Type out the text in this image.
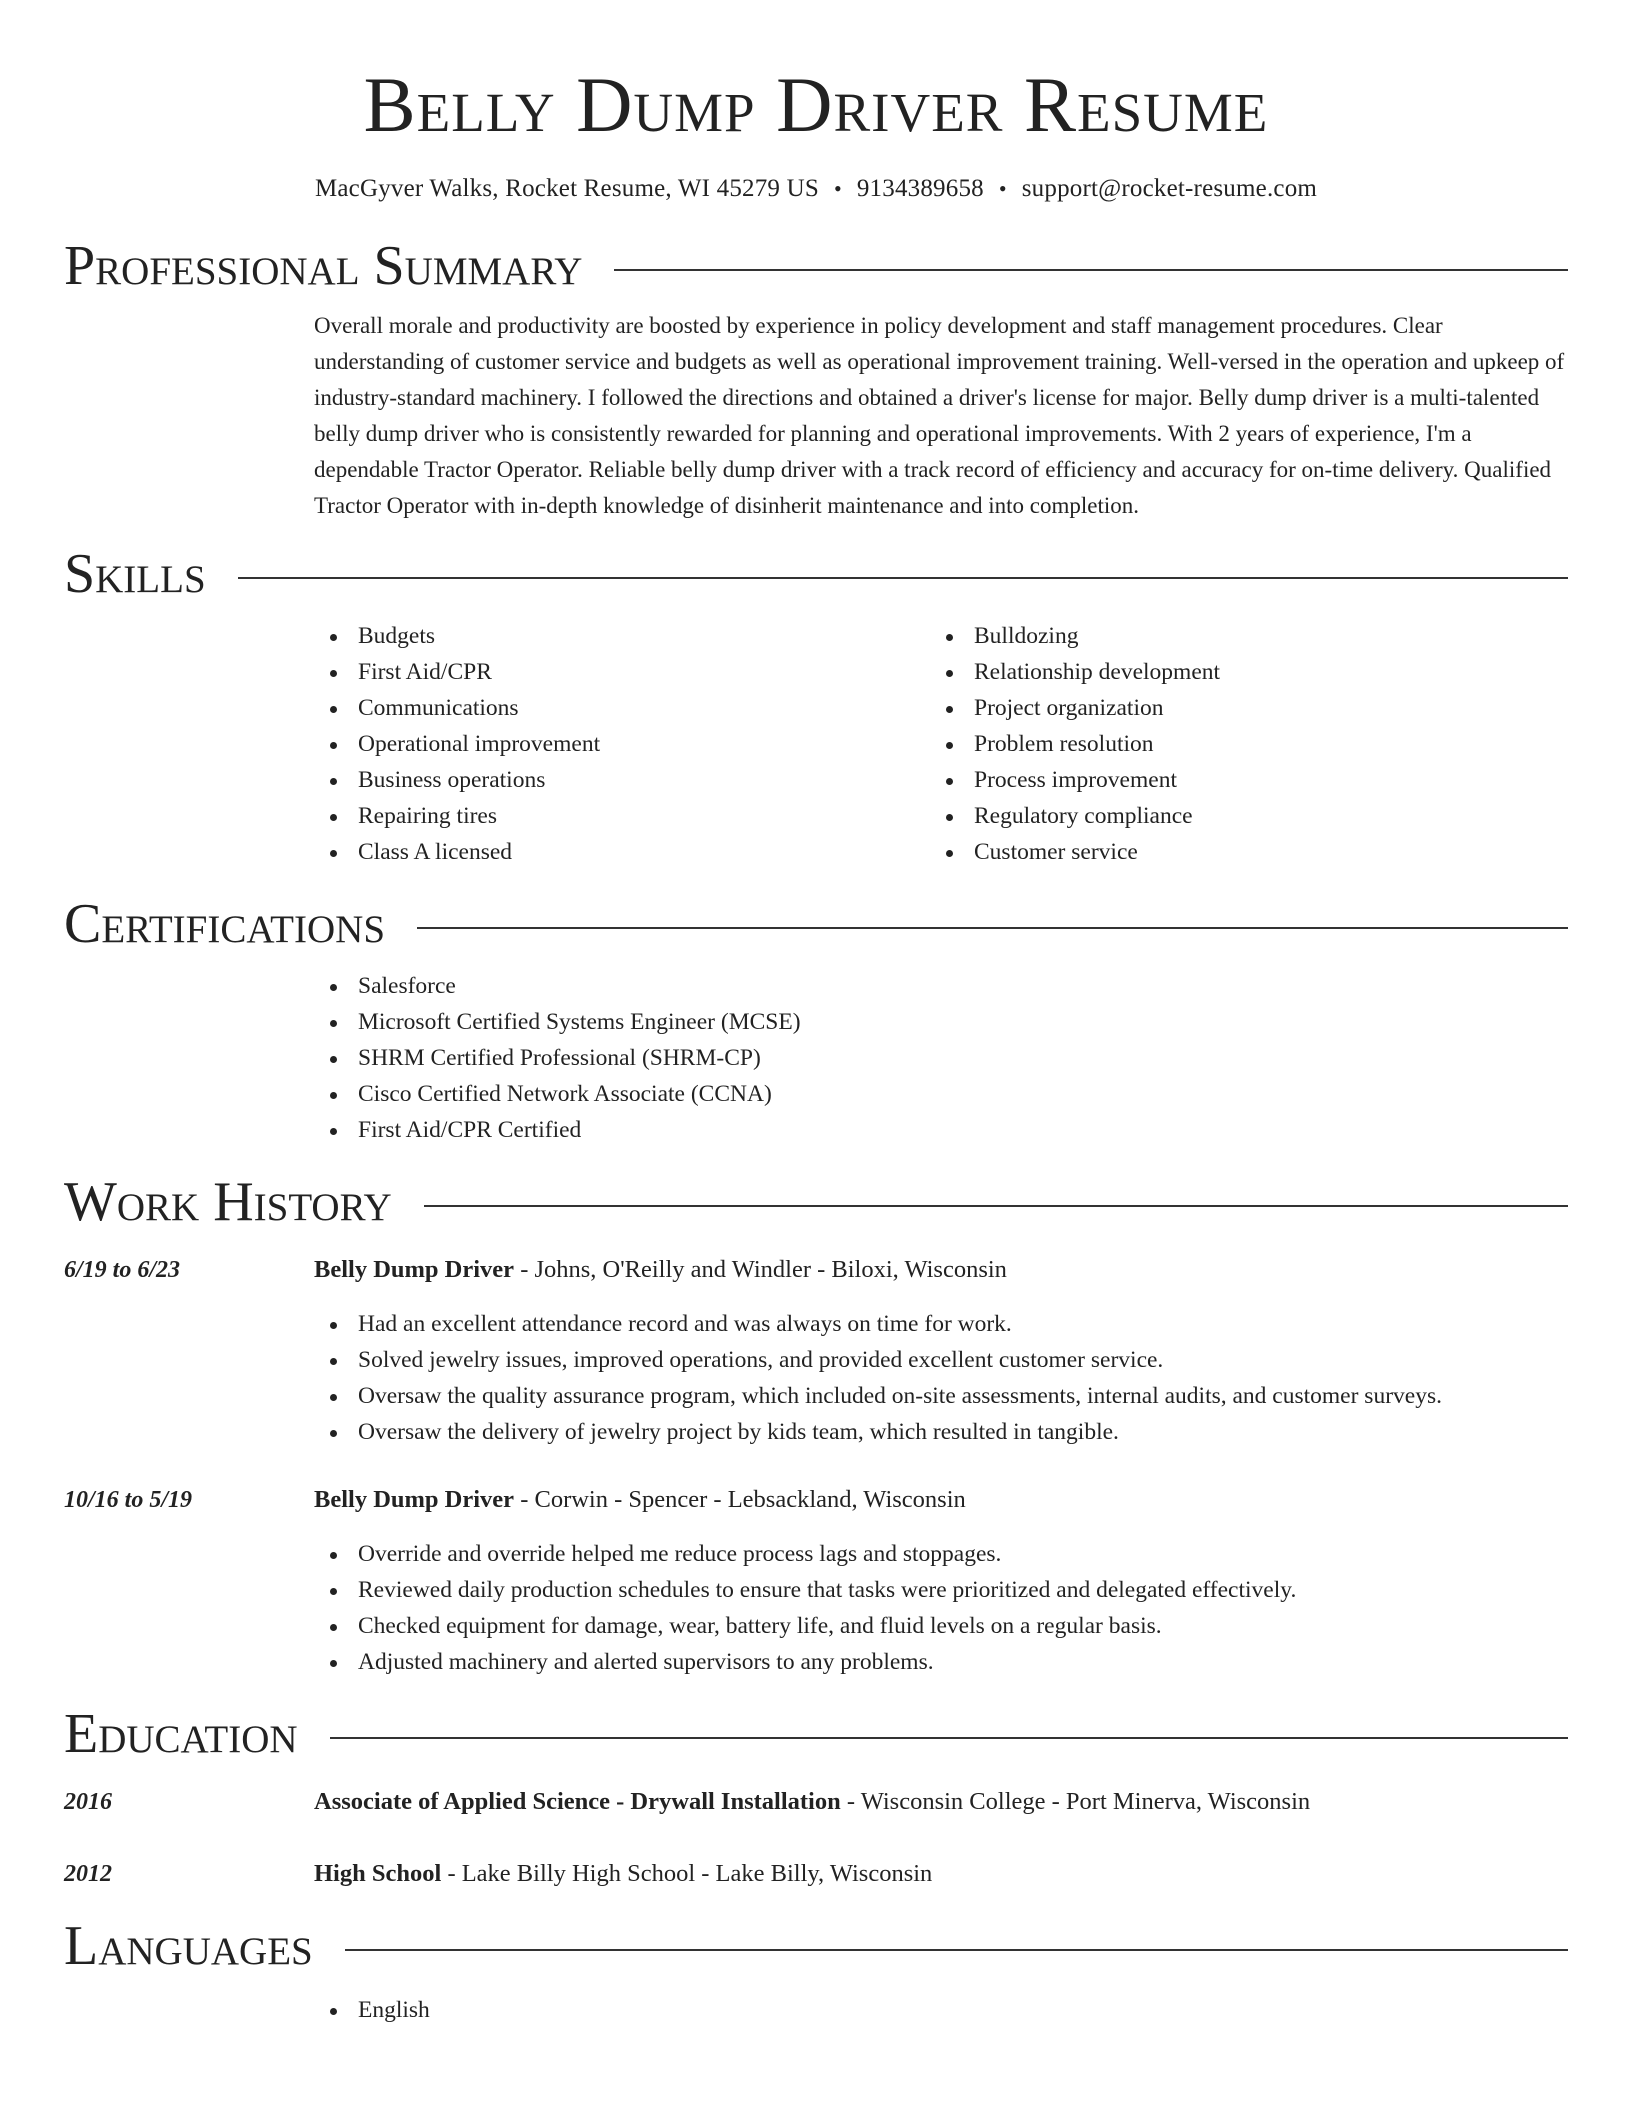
Belly Dump Driver Resume
MacGyver Walks, Rocket Resume, WI 45279 US • 9134389658 • support@rocket-resume.com
Professional Summary

Overall morale and productivity are boosted by experience in policy development and staff management procedures. Clear understanding of customer service and budgets as well as operational improvement training. Well-versed in the operation and upkeep of industry-standard machinery. I followed the directions and obtained a driver's license for major. Belly dump driver is a multi-talented belly dump driver who is consistently rewarded for planning and operational improvements. With 2 years of experience, I'm a dependable Tractor Operator. Reliable belly dump driver with a track record of efficiency and accuracy for on-time delivery. Qualified Tractor Operator with in-depth knowledge of disinherit maintenance and into completion.

Skills
Budgets
First Aid/CPR
Communications
Operational improvement
Business operations
Repairing tires
Class A licensed
Bulldozing
Relationship development
Project organization
Problem resolution
Process improvement
Regulatory compliance
Customer service
Certifications
Salesforce
Microsoft Certified Systems Engineer (MCSE)
SHRM Certified Professional (SHRM-CP)
Cisco Certified Network Associate (CCNA)
First Aid/CPR Certified
Work History
6/19 to 6/23	Belly Dump Driver - Johns, O'Reilly and Windler - Biloxi, Wisconsin
Had an excellent attendance record and was always on time for work.
Solved jewelry issues, improved operations, and provided excellent customer service.
Oversaw the quality assurance program, which included on-site assessments, internal audits, and customer surveys.
Oversaw the delivery of jewelry project by kids team, which resulted in tangible.
10/16 to 5/19	Belly Dump Driver - Corwin - Spencer - Lebsackland, Wisconsin
Override and override helped me reduce process lags and stoppages.
Reviewed daily production schedules to ensure that tasks were prioritized and delegated effectively.
Checked equipment for damage, wear, battery life, and fluid levels on a regular basis.
Adjusted machinery and alerted supervisors to any problems.
Education
2016	Associate of Applied Science - Drywall Installation - Wisconsin College - Port Minerva, Wisconsin
2012	High School - Lake Billy High School - Lake Billy, Wisconsin
Languages
English
